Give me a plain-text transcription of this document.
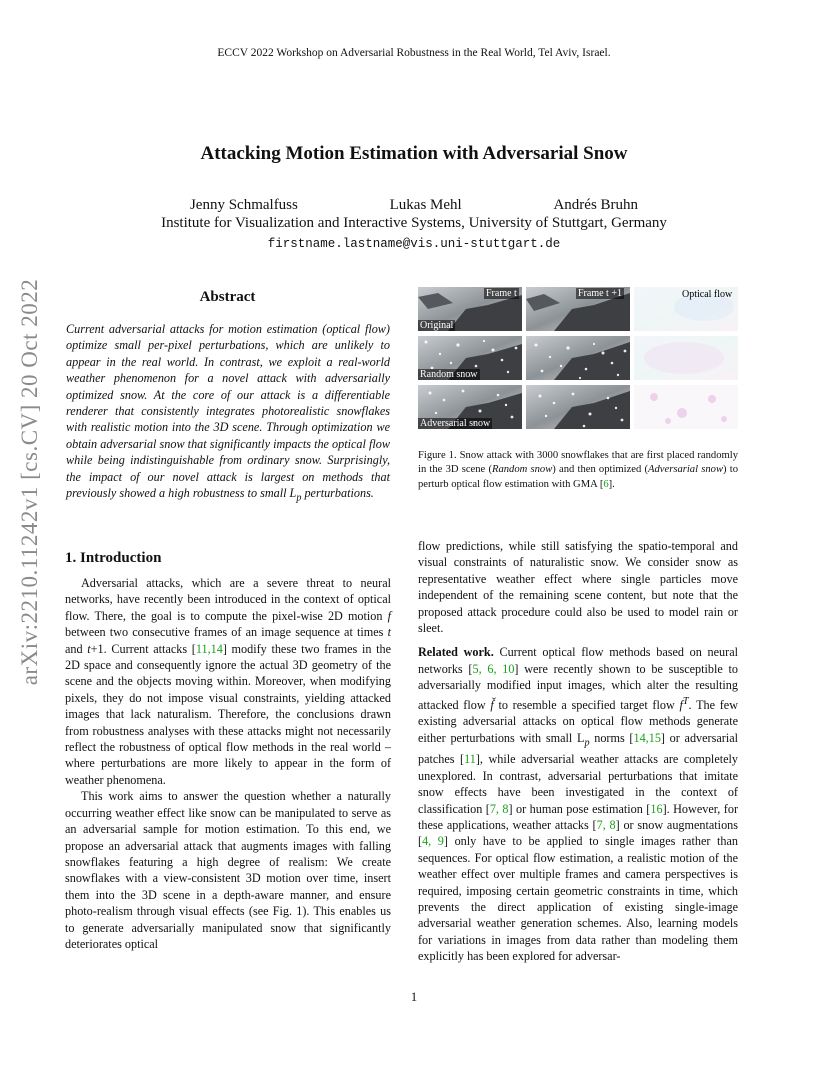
ECCV 2022 Workshop on Adversarial Robustness in the Real World, Tel Aviv, Israel.
Attacking Motion Estimation with Adversarial Snow
Jenny Schmalfuss	Lukas Mehl	Andrés Bruhn
Institute for Visualization and Interactive Systems, University of Stuttgart, Germany
firstname.lastname@vis.uni-stuttgart.de
arXiv:2210.11242v1 [cs.CV] 20 Oct 2022	Abstract
Current adversarial attacks for motion estimation (optical flow) optimize small per-pixel perturbations, which are unlikely to appear in the real world. In contrast, we exploit a real-world weather phenomenon for a novel attack with adversarially optimized snow. At the core of our attack is a differentiable renderer that consistently integrates photorealistic snowflakes with realistic motion into the 3D scene. Through optimization we obtain adversarial snow that significantly impacts the optical flow while being indistinguishable from ordinary snow. Surprisingly, the impact of our novel attack is largest on methods that previously showed a high robustness to small $L_p$ perturbations.
Frame t	Frame t +1	Optical flow
Original
Random snow
Adversarial snow
Figure 1. Snow attack with 3000 snowflakes that are first placed randomly in the 3D scene (Random snow) and then optimized (Adversarial snow) to perturb optical flow estimation with GMA [6].
1. Introduction

Adversarial attacks, which are a severe threat to neural networks, have recently been introduced in the context of optical flow. There, the goal is to compute the pixel-wise 2D motion f between two consecutive frames of an image sequence at times t and t+1. Current attacks [11,14] modify these two frames in the 2D space and consequently ignore the actual 3D geometry of the scene and the objects moving within. Moreover, when modifying pixels, they do not impose visual constraints, yielding attacked images that lack naturalism. Therefore, the conclusions drawn from robustness analyses with these attacks might not necessarily reflect the robustness of optical flow methods in the real world – where perturbations are more likely to appear in the form of weather phenomena.

This work aims to answer the question whether a naturally occurring weather effect like snow can be manipulated to serve as an adversarial sample for motion estimation. To this end, we propose an adversarial attack that augments images with falling snowflakes featuring a high degree of realism: We create snowflakes with a view-consistent 3D motion over time, insert them into the 3D scene in a depth-aware manner, and ensure photo-realism through visual effects (see Fig. 1). This enables us to generate adversarially manipulated snow that significantly deteriorates optical

flow predictions, while still satisfying the spatio-temporal and visual constraints of naturalistic snow. We consider snow as representative weather effect where single particles move independent of the remaining scene content, but note that the proposed attack procedure could also be used to model rain or sleet.

Related work. Current optical flow methods based on neural networks [5, 6, 10] were recently shown to be susceptible to adversarially modified input images, which alter the resulting attacked flow f̌ to resemble a specified target flow $f^T$. The few existing adversarial attacks on optical flow methods generate either perturbations with small $L_p$ norms [14,15] or adversarial patches [11], while adversarial weather attacks are completely unexplored. In contrast, adversarial perturbations that imitate snow effects have been investigated in the context of classification [7, 8] or human pose estimation [16]. However, for these applications, weather attacks [7, 8] or snow augmentations [4, 9] only have to be applied to single images rather than sequences. For optical flow estimation, a realistic motion of the weather effect over multiple frames and camera perspectives is required, imposing certain geometric constraints in time, which prevents the direct application of existing single-image adversarial weather generation schemes. Also, learning models for variations in images from data rather than modeling them explicitly has been explored for adversar-

1
